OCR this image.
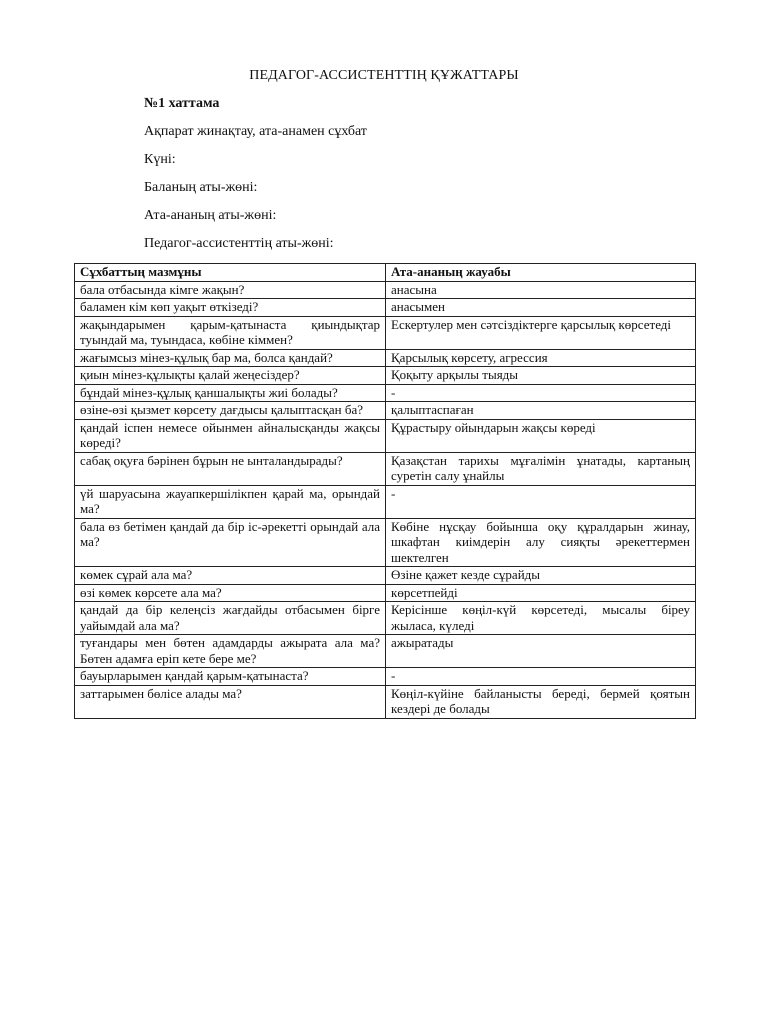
ПЕДАГОГ-АССИСТЕНТТІҢ ҚҰЖАТТАРЫ
№1 хаттама
Ақпарат жинақтау, ата-анамен сұхбат
Күні:
Баланың аты-жөні:
Ата-ананың аты-жөні:
Педагог-ассистенттің аты-жөні:
Сұхбаттың мазмұны	Ата-ананың жауабы
бала отбасында кімге жақын?	анасына
баламен кім көп уақыт өткізеді?	анасымен
жақындарымен қарым-қатынаста қиындықтар туындай ма, туындаса, көбіне кіммен?	Ескертулер мен сәтсіздіктерге қарсылық көрсетеді
жағымсыз мінез-құлық бар ма, болса қандай?	Қарсылық көрсету, агрессия
қиын мінез-құлықты қалай жеңесіздер?	Қоқыту арқылы тыяды
бұндай мінез-құлық қаншалықты жиі болады?	-
өзіне-өзі қызмет көрсету дағдысы қалыптасқан ба?	қалыптаспаған
қандай іспен немесе ойынмен айналысқанды жақсы көреді?	Құрастыру ойындарын жақсы көреді
сабақ оқуға бәрінен бұрын не ынталандырады?	Қазақстан тарихы мұғалімін ұнатады, картаның суретін салу ұнайлы
үй шаруасына жауапкершілікпен қарай ма, орындай ма?	-
бала өз бетімен қандай да бір іс-әрекетті орындай ала ма?	Көбіне нұсқау бойынша оқу құралдарын жинау, шкафтан киімдерін алу сияқты әрекеттермен шектелген
көмек сұрай ала ма?	Өзіне қажет кезде сұрайды
өзі көмек көрсете ала ма?	көрсетпейді
қандай да бір келеңсіз жағдайды отбасымен бірге уайымдай ала ма?	Керісінше көңіл-күй көрсетеді, мысалы біреу жыласа, күледі
туғандары мен бөтен адамдарды ажырата ала ма? Бөтен адамға еріп кете бере ме?	ажыратады
бауырларымен қандай қарым-қатынаста?	-
заттарымен бөлісе алады ма?	Көңіл-күйіне байланысты береді, бермей қоятын кездері де болады
